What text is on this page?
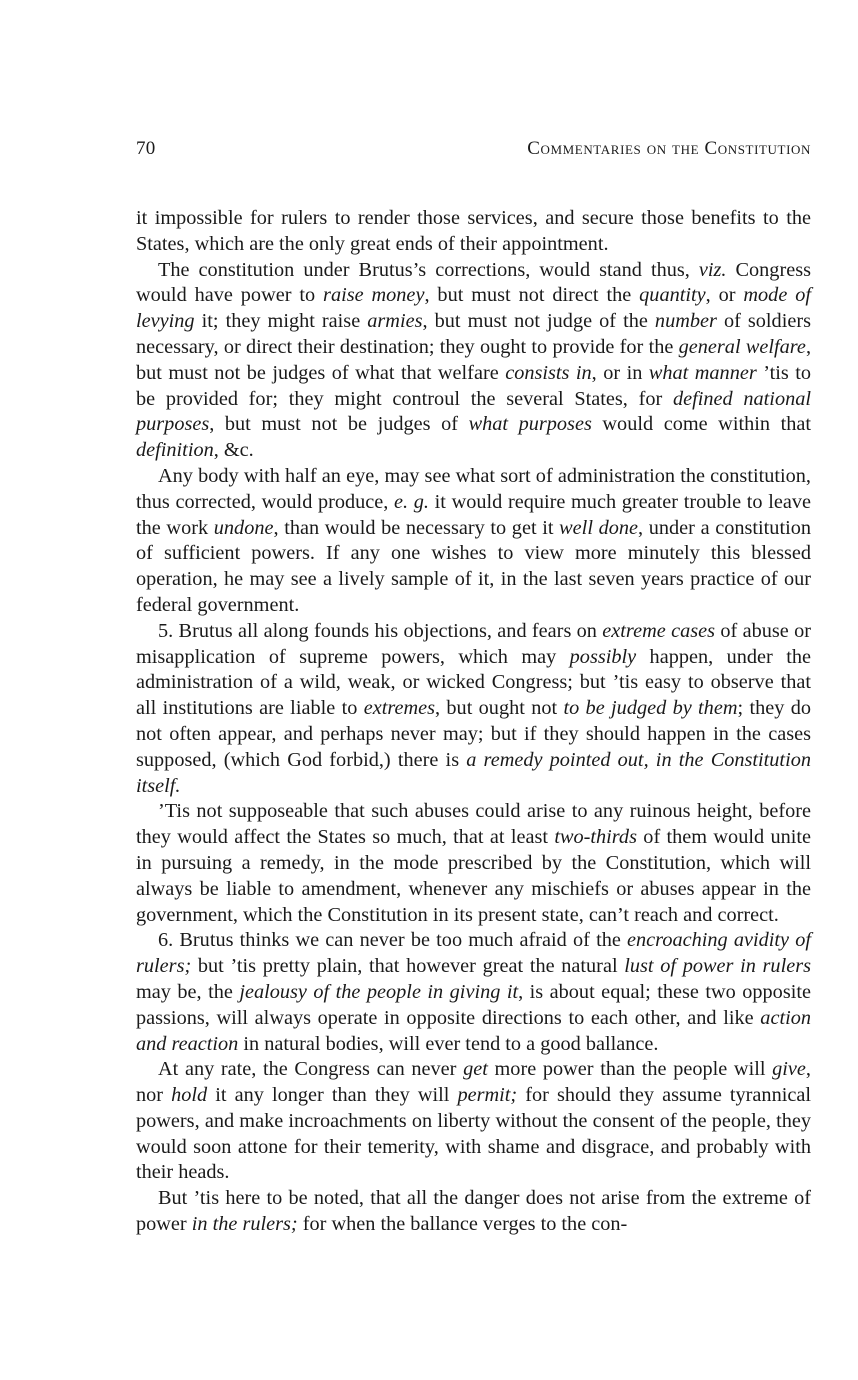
70	Commentaries on the Constitution

it impossible for rulers to render those services, and secure those benefits to the States, which are the only great ends of their appointment.

The constitution under Brutus’s corrections, would stand thus, viz. Congress would have power to raise money, but must not direct the quantity, or mode of levying it; they might raise armies, but must not judge of the number of soldiers necessary, or direct their destination; they ought to provide for the general welfare, but must not be judges of what that welfare consists in, or in what manner ’tis to be provided for; they might controul the several States, for defined national purposes, but must not be judges of what purposes would come within that definition, &c.

Any body with half an eye, may see what sort of administration the constitution, thus corrected, would produce, e. g. it would require much greater trouble to leave the work undone, than would be necessary to get it well done, under a constitution of sufficient powers. If any one wishes to view more minutely this blessed operation, he may see a lively sample of it, in the last seven years practice of our federal government.

5. Brutus all along founds his objections, and fears on extreme cases of abuse or misapplication of supreme powers, which may possibly happen, under the administration of a wild, weak, or wicked Congress; but ’tis easy to observe that all institutions are liable to extremes, but ought not to be judged by them; they do not often appear, and perhaps never may; but if they should happen in the cases supposed, (which God forbid,) there is a remedy pointed out, in the Constitution itself.

’Tis not supposeable that such abuses could arise to any ruinous height, before they would affect the States so much, that at least two-thirds of them would unite in pursuing a remedy, in the mode prescribed by the Constitution, which will always be liable to amendment, whenever any mischiefs or abuses appear in the government, which the Constitution in its present state, can’t reach and correct.

6. Brutus thinks we can never be too much afraid of the encroaching avidity of rulers; but ’tis pretty plain, that however great the natural lust of power in rulers may be, the jealousy of the people in giving it, is about equal; these two opposite passions, will always operate in opposite directions to each other, and like action and reaction in natural bodies, will ever tend to a good ballance.

At any rate, the Congress can never get more power than the people will give, nor hold it any longer than they will permit; for should they assume tyrannical powers, and make incroachments on liberty without the consent of the people, they would soon attone for their temerity, with shame and disgrace, and probably with their heads.

But ’tis here to be noted, that all the danger does not arise from the extreme of power in the rulers; for when the ballance verges to the con-
